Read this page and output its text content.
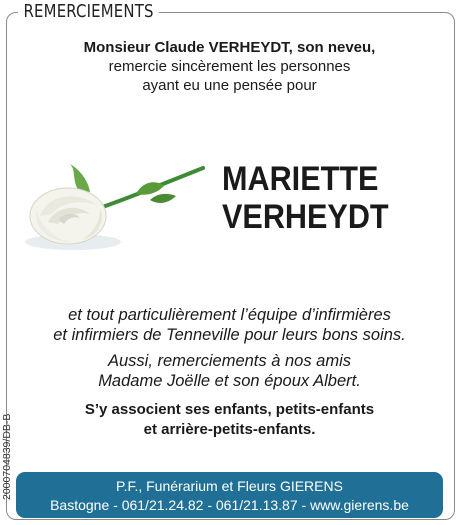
REMERCIEMENTS
Monsieur Claude VERHEYDT, son neveu,
remercie sincèrement les personnes
ayant eu une pensée pour
MARIETTE
VERHEYDT
et tout particulièrement l’équipe d’infirmières
et infirmiers de Tenneville pour leurs bons soins.
Aussi, remerciements à nos amis
Madame Joëlle et son époux Albert.
S’y associent ses enfants, petits-enfants
et arrière-petits-enfants.
2000704839/DB-B	P.F., Funérarium et Fleurs GIERENS
Bastogne - 061/21.24.82 - 061/21.13.87 - www.gierens.be
